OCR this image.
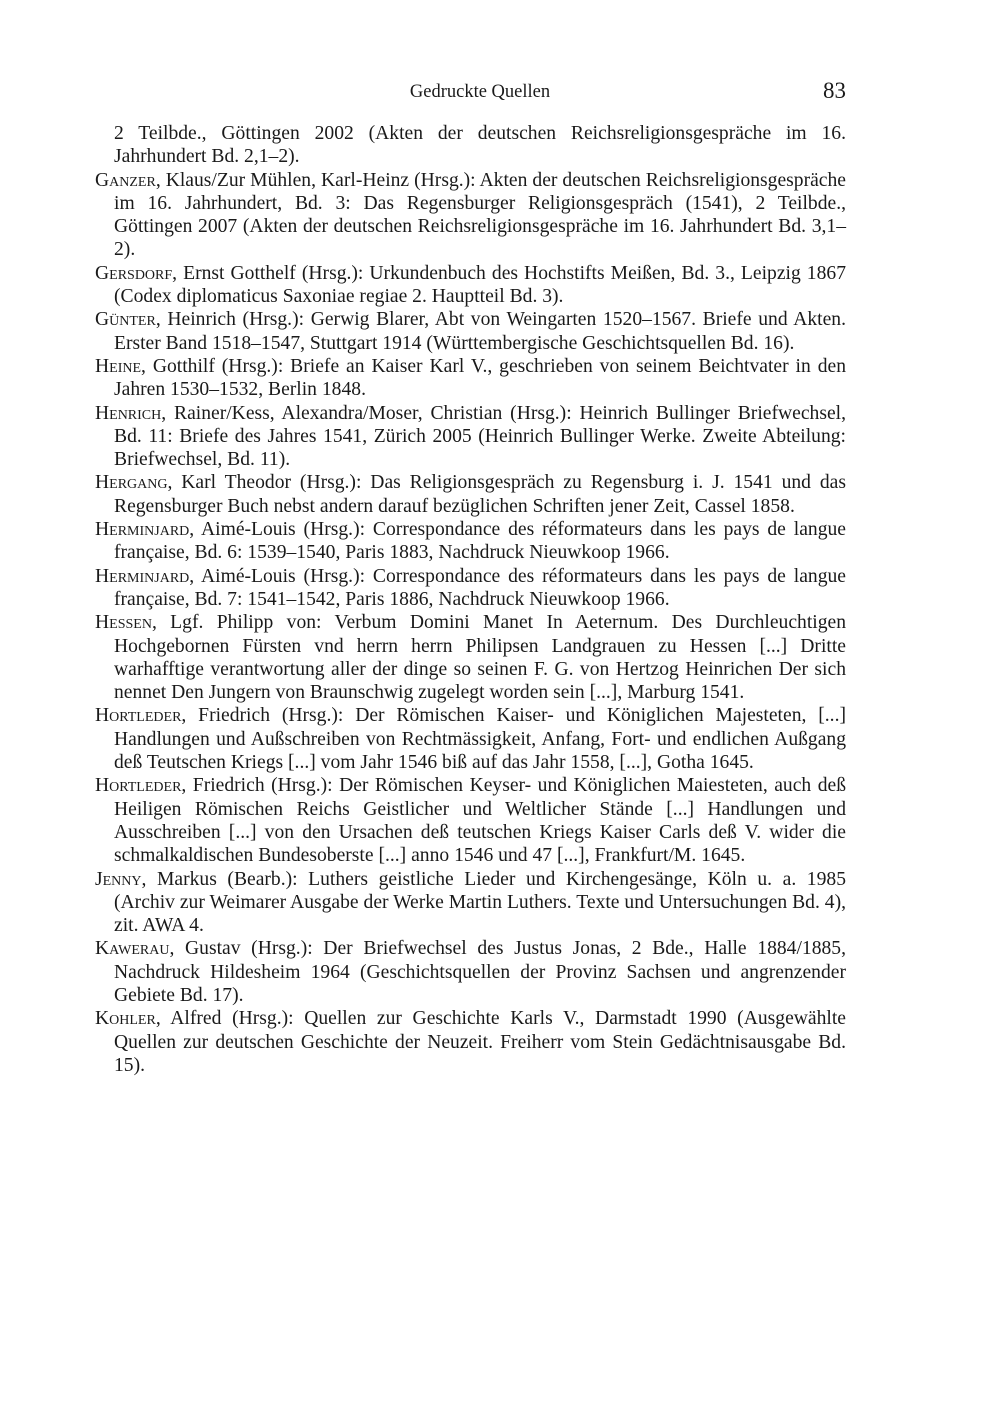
Gedruckte Quellen	83

2 Teilbde., Göttingen 2002 (Akten der deutschen Reichsreligionsgespräche im 16. Jahrhundert Bd. 2,1–2).

Ganzer, Klaus/Zur Mühlen, Karl-Heinz (Hrsg.): Akten der deutschen Reichsreligionsgespräche im 16. Jahrhundert, Bd. 3: Das Regensburger Religionsgespräch (1541), 2 Teilbde., Göttingen 2007 (Akten der deutschen Reichsreligionsgespräche im 16. Jahrhundert Bd. 3,1–2).

Gersdorf, Ernst Gotthelf (Hrsg.): Urkundenbuch des Hochstifts Meißen, Bd. 3., Leipzig 1867 (Codex diplomaticus Saxoniae regiae 2. Hauptteil Bd. 3).

Günter, Heinrich (Hrsg.): Gerwig Blarer, Abt von Weingarten 1520–1567. Briefe und Akten. Erster Band 1518–1547, Stuttgart 1914 (Württembergische Geschichtsquellen Bd. 16).

Heine, Gotthilf (Hrsg.): Briefe an Kaiser Karl V., geschrieben von seinem Beichtvater in den Jahren 1530–1532, Berlin 1848.

Henrich, Rainer/Kess, Alexandra/Moser, Christian (Hrsg.): Heinrich Bullinger Briefwechsel, Bd. 11: Briefe des Jahres 1541, Zürich 2005 (Heinrich Bullinger Werke. Zweite Abteilung: Briefwechsel, Bd. 11).

Hergang, Karl Theodor (Hrsg.): Das Religionsgespräch zu Regensburg i. J. 1541 und das Regensburger Buch nebst andern darauf bezüglichen Schriften jener Zeit, Cassel 1858.

Herminjard, Aimé-Louis (Hrsg.): Correspondance des réformateurs dans les pays de langue française, Bd. 6: 1539–1540, Paris 1883, Nachdruck Nieuwkoop 1966.

Herminjard, Aimé-Louis (Hrsg.): Correspondance des réformateurs dans les pays de langue française, Bd. 7: 1541–1542, Paris 1886, Nachdruck Nieuwkoop 1966.

Hessen, Lgf. Philipp von: Verbum Domini Manet In Aeternum. Des Durchleuchtigen Hochgebornen Fürsten vnd herrn herrn Philipsen Landgrauen zu Hessen [...] Dritte warhafftige verantwortung aller der dinge so seinen F. G. von Hertzog Heinrichen Der sich nennet Den Jungern von Braunschwig zugelegt worden sein [...], Marburg 1541.

Hortleder, Friedrich (Hrsg.): Der Römischen Kaiser- und Königlichen Majesteten, [...] Handlungen und Außschreiben von Rechtmässigkeit, Anfang, Fort- und endlichen Außgang deß Teutschen Kriegs [...] vom Jahr 1546 biß auf das Jahr 1558, [...], Gotha 1645.

Hortleder, Friedrich (Hrsg.): Der Römischen Keyser- und Königlichen Maiesteten, auch deß Heiligen Römischen Reichs Geistlicher und Weltlicher Stände [...] Handlungen und Ausschreiben [...] von den Ursachen deß teutschen Kriegs Kaiser Carls deß V. wider die schmalkaldischen Bundesoberste [...] anno 1546 und 47 [...], Frankfurt/M. 1645.

Jenny, Markus (Bearb.): Luthers geistliche Lieder und Kirchengesänge, Köln u. a. 1985 (Archiv zur Weimarer Ausgabe der Werke Martin Luthers. Texte und Untersuchungen Bd. 4), zit. AWA 4.

Kawerau, Gustav (Hrsg.): Der Briefwechsel des Justus Jonas, 2 Bde., Halle 1884/1885, Nachdruck Hildesheim 1964 (Geschichtsquellen der Provinz Sachsen und angrenzender Gebiete Bd. 17).

Kohler, Alfred (Hrsg.): Quellen zur Geschichte Karls V., Darmstadt 1990 (Ausgewählte Quellen zur deutschen Geschichte der Neuzeit. Freiherr vom Stein Gedächtnisausgabe Bd. 15).
